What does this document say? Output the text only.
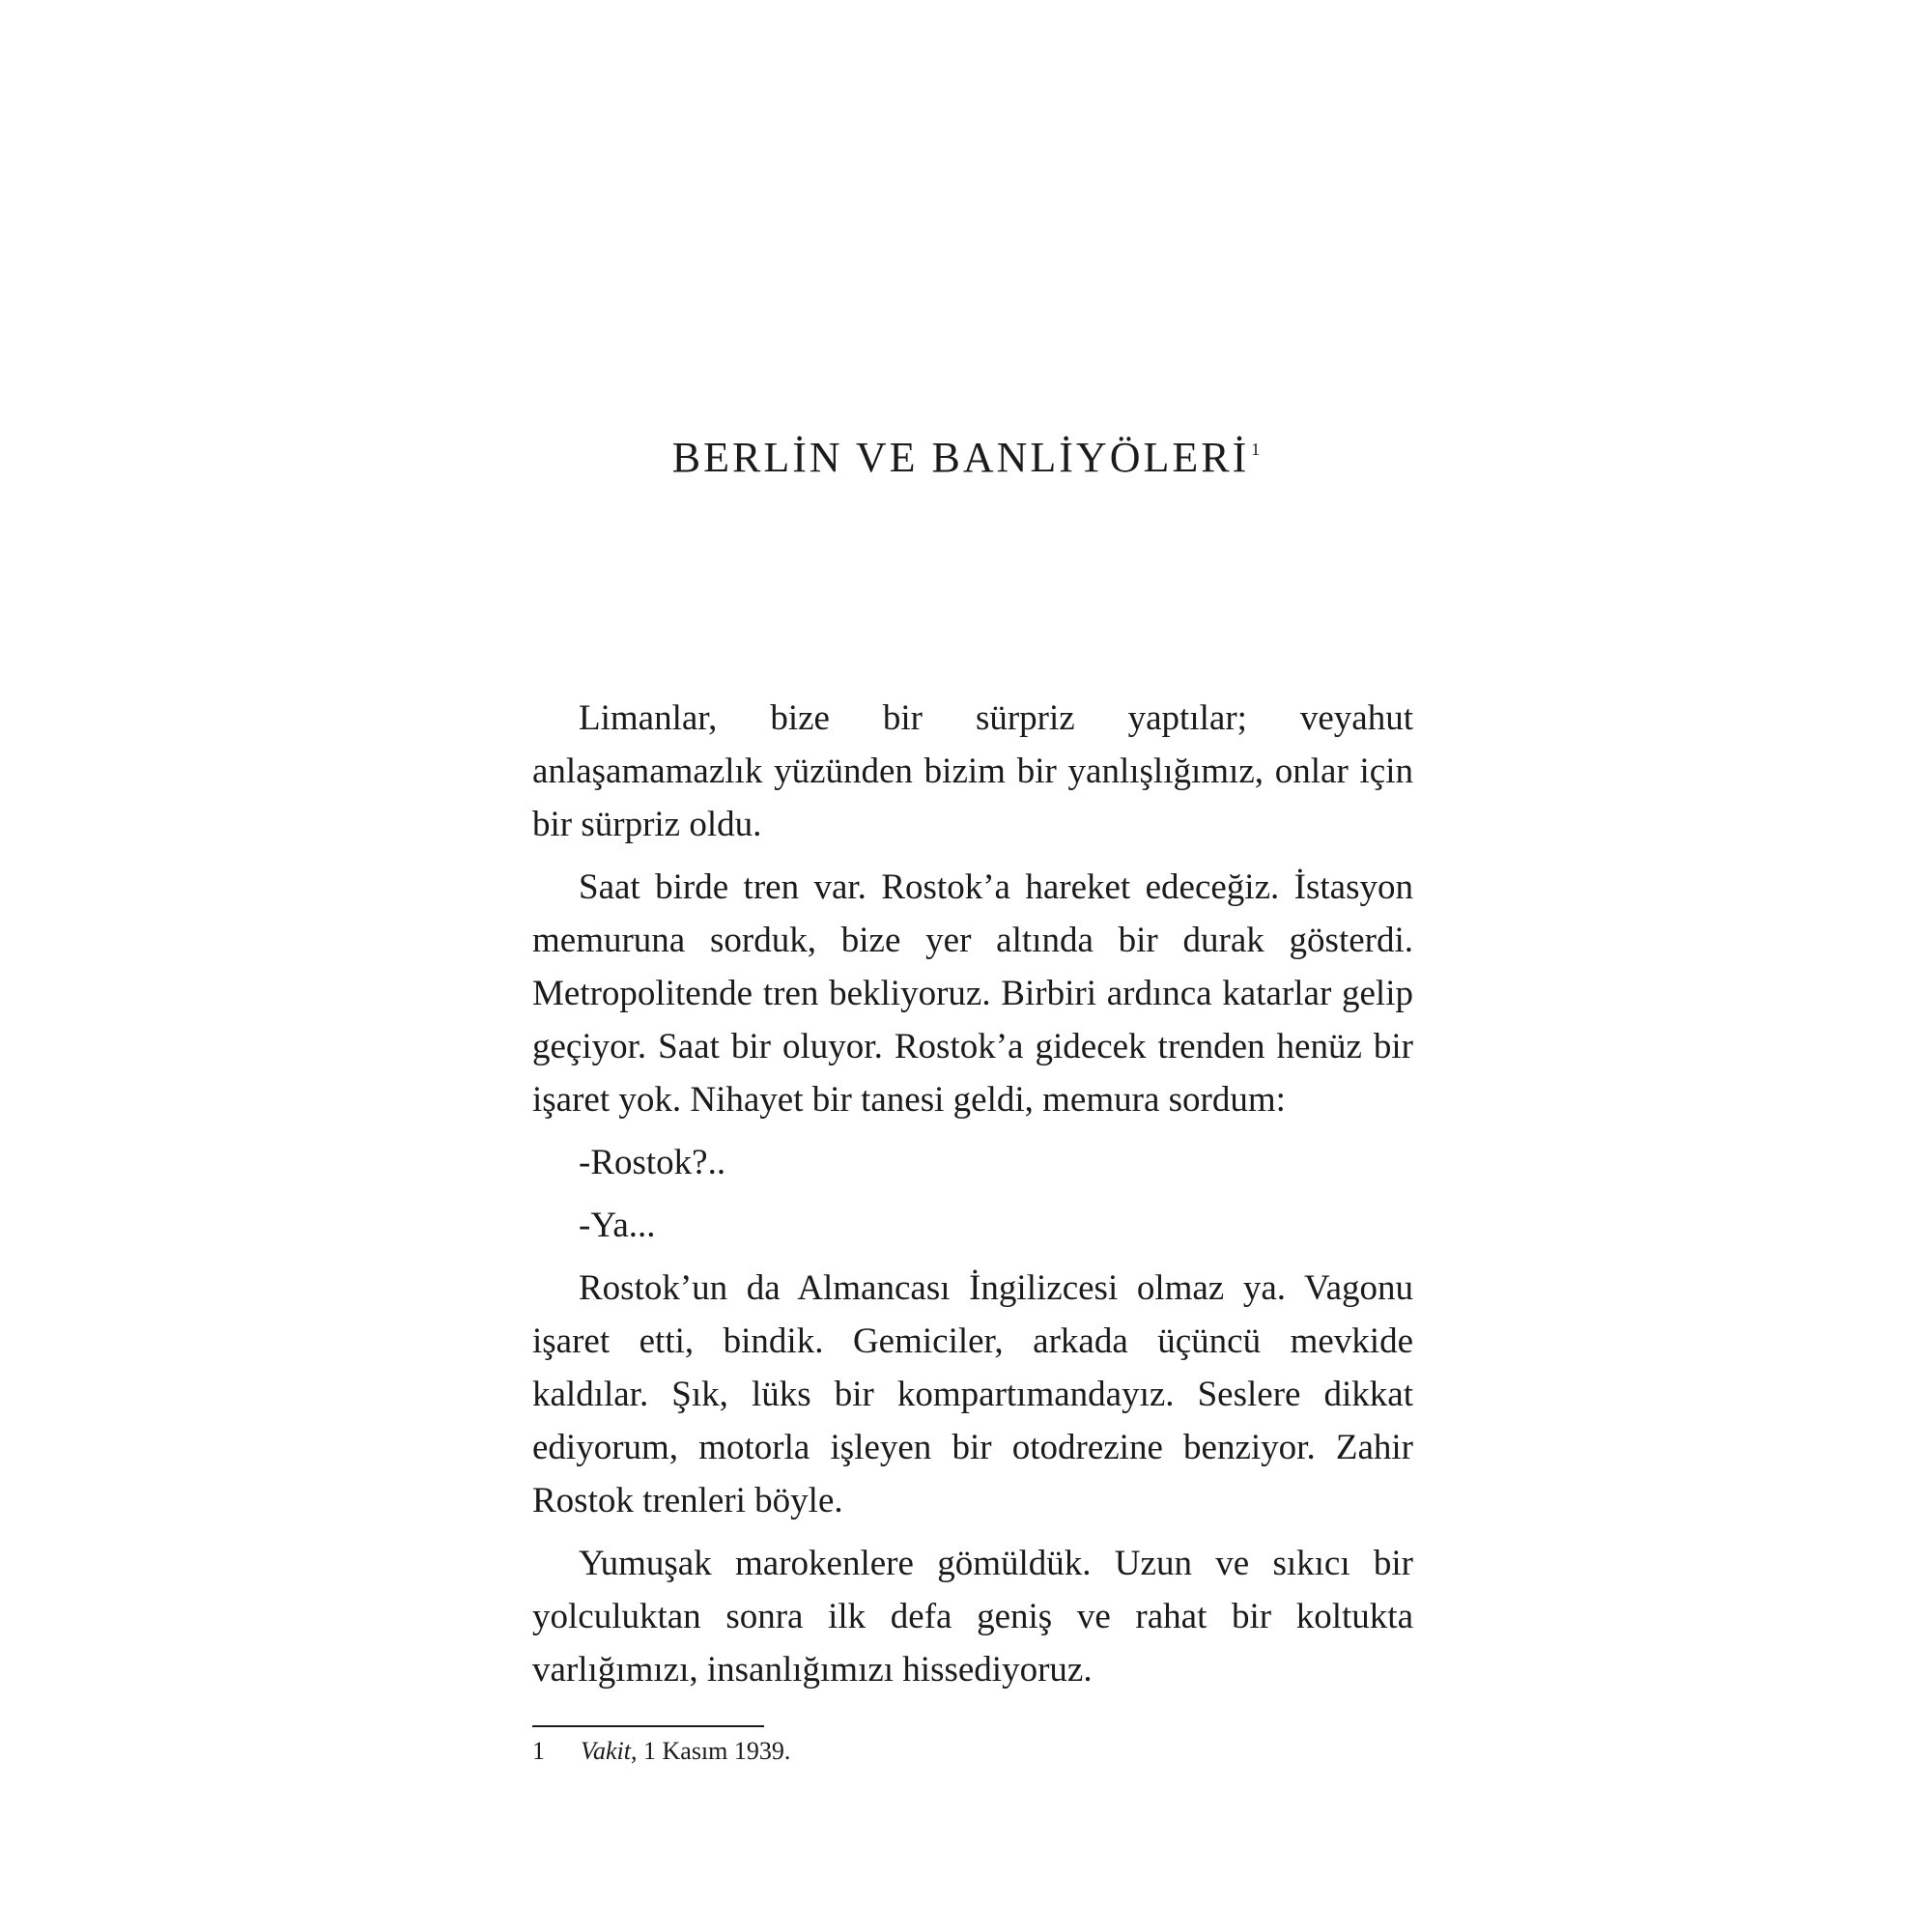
BERLİN VE BANLİYÖLERİ $^1$

Limanlar, bize bir sürpriz yaptılar; veyahut anlaşamamazlık yüzünden bizim bir yanlışlığımız, onlar için bir sürpriz oldu.

Saat birde tren var. Rostok’a hareket edeceğiz. İstasyon memuruna sorduk, bize yer altında bir durak gösterdi. Metropolitende tren bekliyoruz. Birbiri ardınca katarlar gelip geçiyor. Saat bir oluyor. Rostok’a gidecek trenden henüz bir işaret yok. Nihayet bir tanesi geldi, memura sordum:

-Rostok?..

-Ya...

Rostok’un da Almancası İngilizcesi olmaz ya. Vagonu işaret etti, bindik. Gemiciler, arkada üçüncü mevkide kaldılar. Şık, lüks bir kompartımandayız. Seslere dikkat ediyorum, motorla işleyen bir otodrezine benziyor. Zahir Rostok trenleri böyle.

Yumuşak marokenlere gömüldük. Uzun ve sıkıcı bir yolculuktan sonra ilk defa geniş ve rahat bir koltukta varlığımızı, insanlığımızı hissediyoruz.

1 Vakit, 1 Kasım 1939.
